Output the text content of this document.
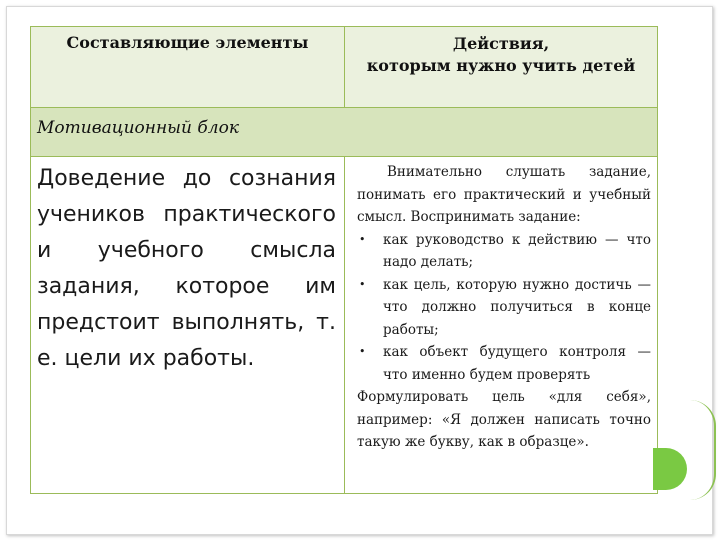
Составляющие элементы	Действия,
которым нужно учить детей
Мотивационный блок
Доведение до сознания учеников практического и учебного смысла задания, которое им предстоит выполнять, т. е. цели их работы.

Внимательно слушать задание, понимать его практический и учебный смысл. Воспринимать задание:

• как руководство к действию — что надо делать;
• как цель, которую нужно достичь — что должно получиться в конце работы;
• как объект будущего контроля — что именно будем проверять

Формулировать цель «для себя», например: «Я должен написать точно такую же букву, как в образце».
